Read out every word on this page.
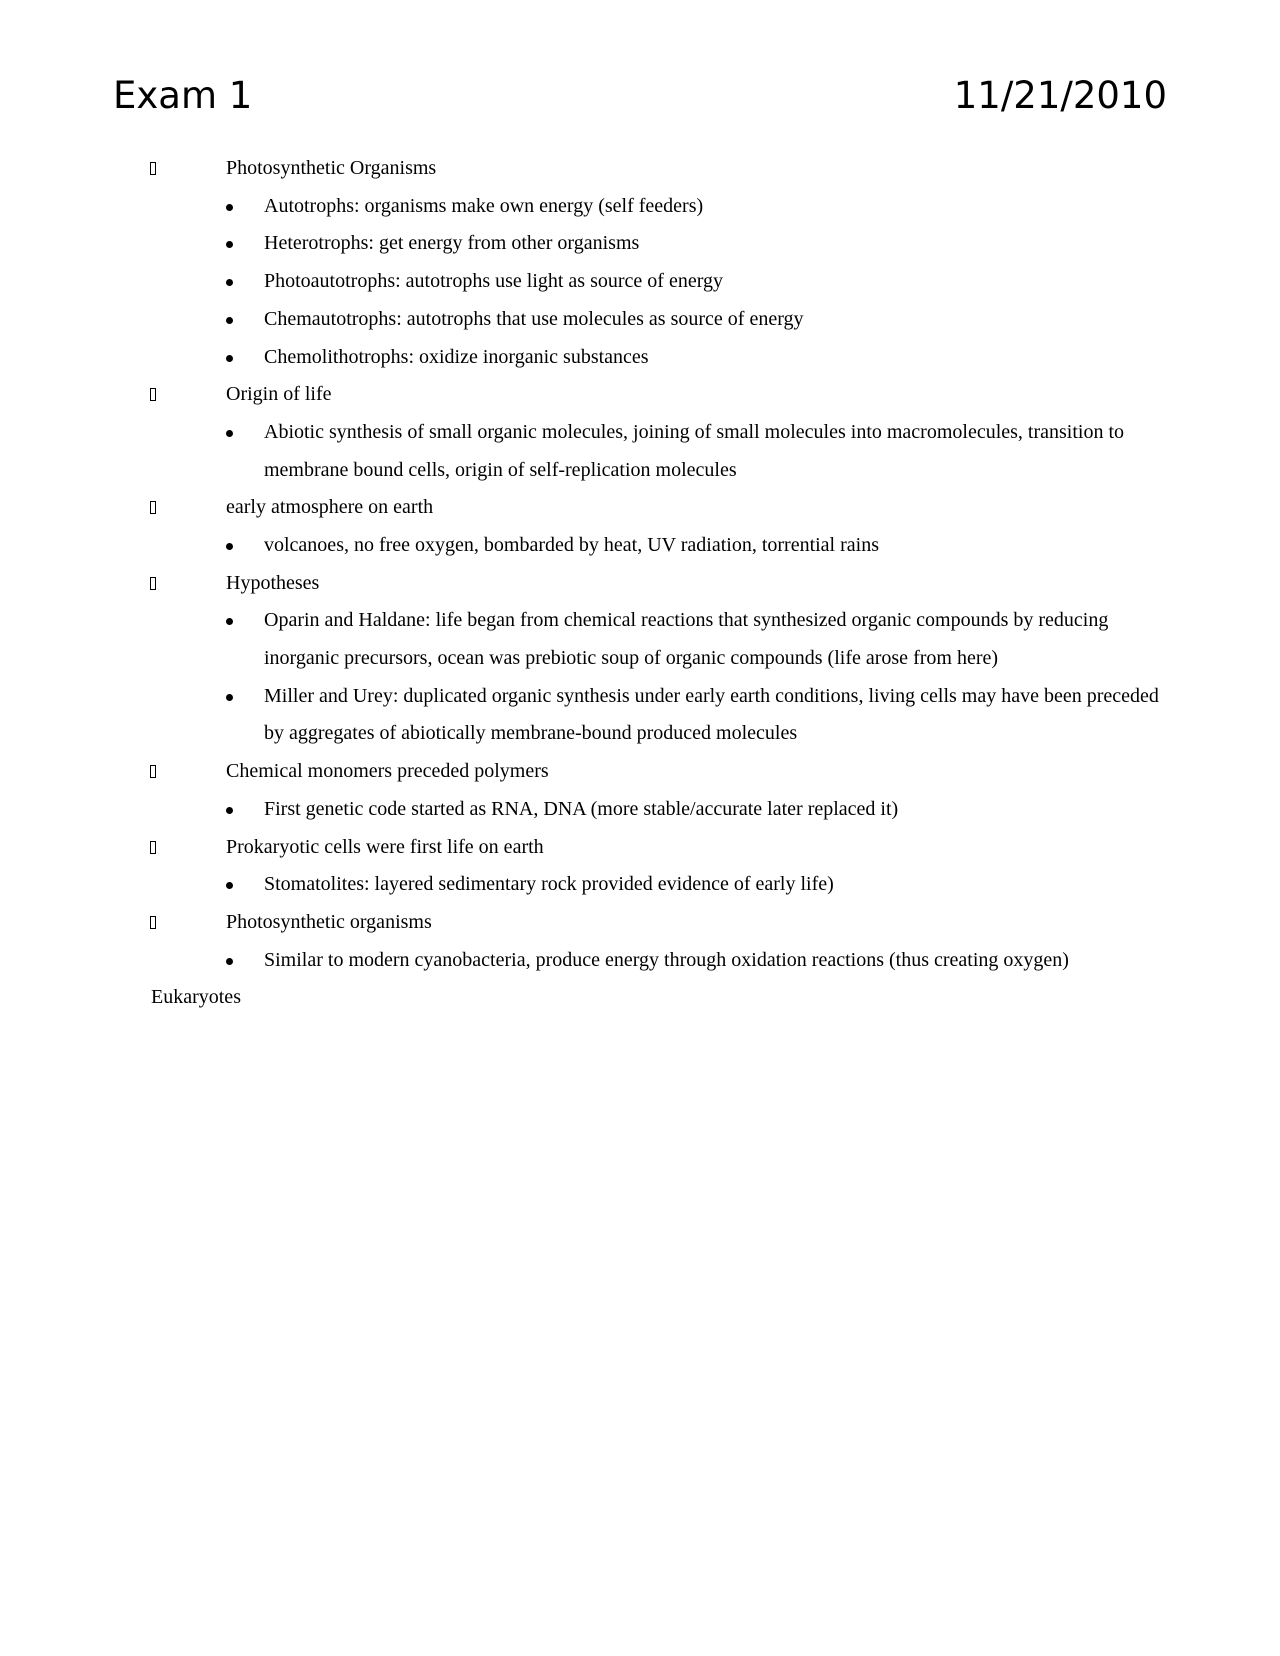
Exam 1	11/21/2010
Photosynthetic Organisms
Autotrophs: organisms make own energy (self feeders)
Heterotrophs: get energy from other organisms
Photoautotrophs: autotrophs use light as source of energy
Chemautotrophs: autotrophs that use molecules as source of energy
Chemolithotrophs: oxidize inorganic substances
Origin of life
Abiotic synthesis of small organic molecules, joining of small molecules into macromolecules, transition to membrane bound cells, origin of self-replication molecules
early atmosphere on earth
volcanoes, no free oxygen, bombarded by heat, UV radiation, torrential rains
Hypotheses
Oparin and Haldane: life began from chemical reactions that synthesized organic compounds by reducing inorganic precursors, ocean was prebiotic soup of organic compounds (life arose from here)
Miller and Urey: duplicated organic synthesis under early earth conditions, living cells may have been preceded by aggregates of abiotically membrane-bound produced molecules
Chemical monomers preceded polymers
First genetic code started as RNA, DNA (more stable/accurate later replaced it)
Prokaryotic cells were first life on earth
Stomatolites: layered sedimentary rock provided evidence of early life)
Photosynthetic organisms
Similar to modern cyanobacteria, produce energy through oxidation reactions (thus creating oxygen)
Eukaryotes
